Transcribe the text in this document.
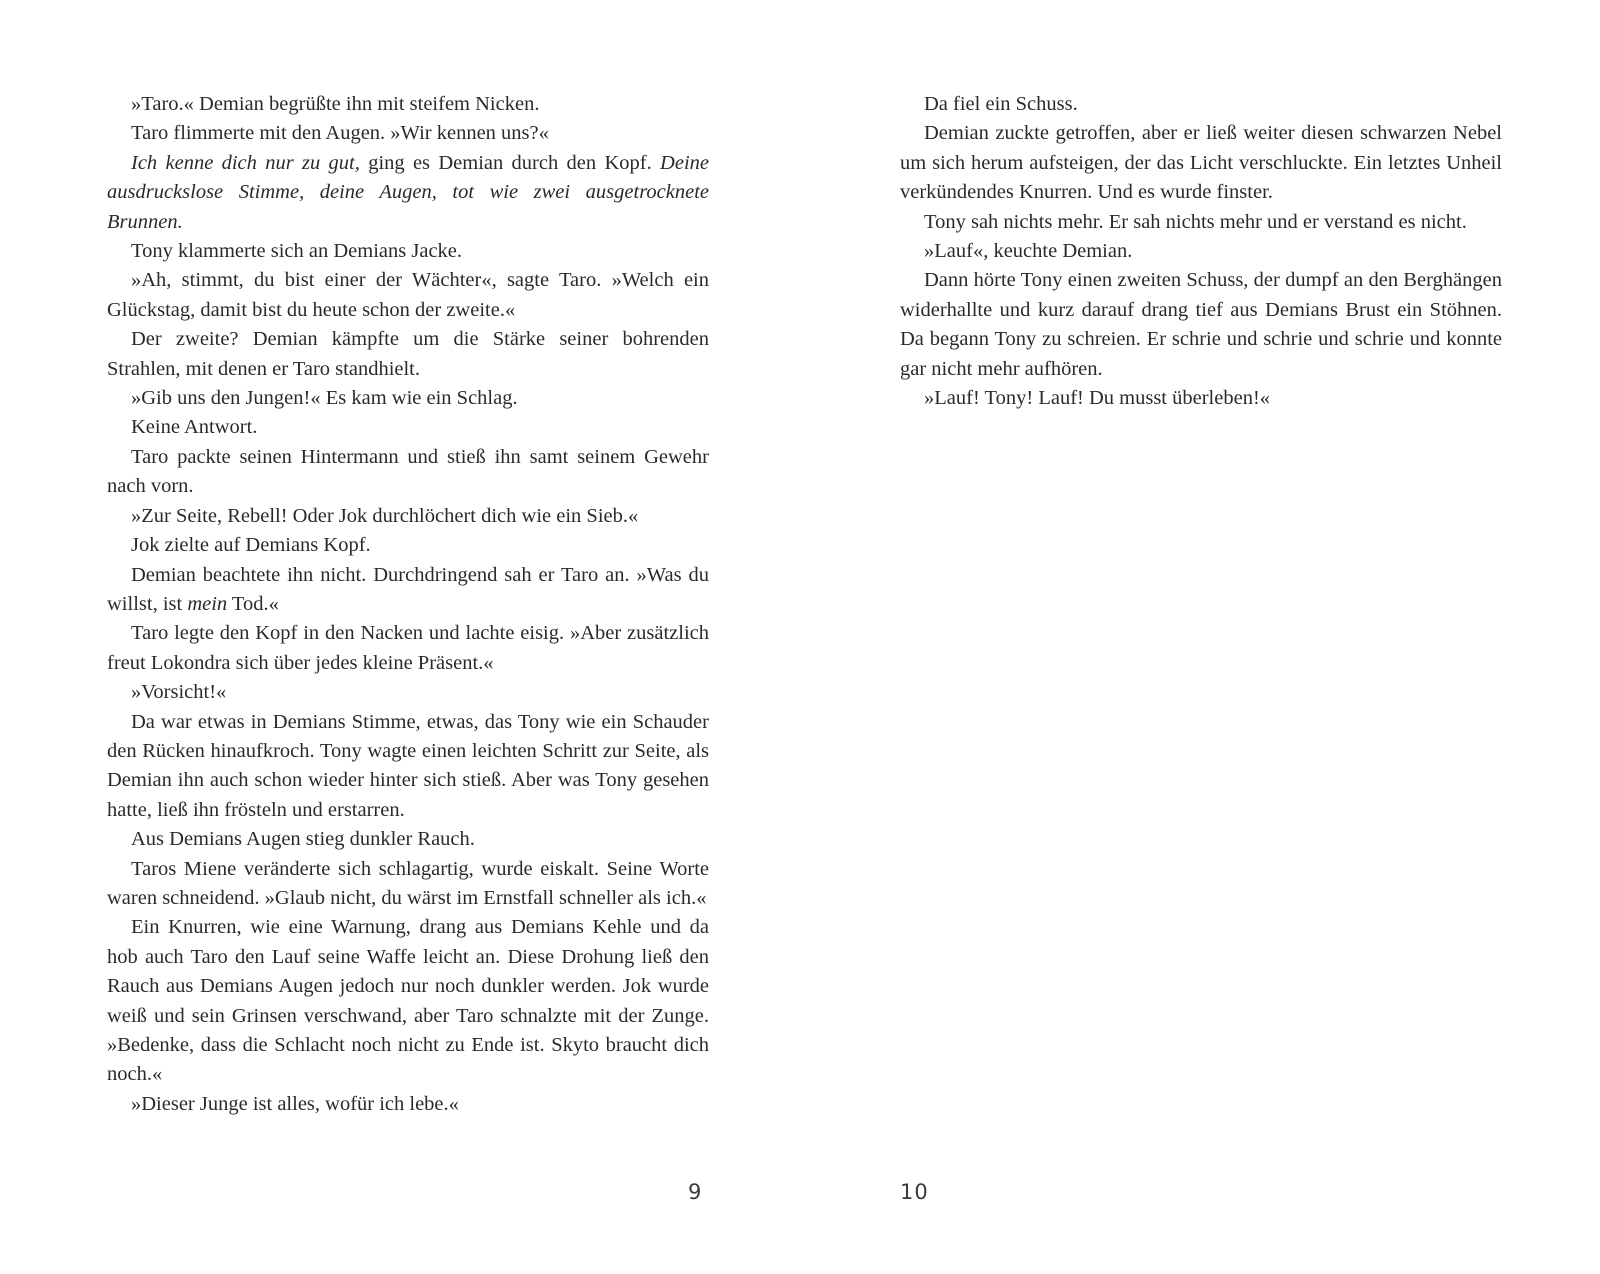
»Taro.« Demian begrüßte ihn mit steifem Nicken.

Taro flimmerte mit den Augen. »Wir kennen uns?«

Ich kenne dich nur zu gut, ging es Demian durch den Kopf. Deine ausdruckslose Stimme, deine Augen, tot wie zwei ausgetrocknete Brunnen.

Tony klammerte sich an Demians Jacke.

»Ah, stimmt, du bist einer der Wächter«, sagte Taro. »Welch ein Glückstag, damit bist du heute schon der zweite.«

Der zweite? Demian kämpfte um die Stärke seiner bohrenden Strahlen, mit denen er Taro standhielt.

»Gib uns den Jungen!« Es kam wie ein Schlag.

Keine Antwort.

Taro packte seinen Hintermann und stieß ihn samt seinem Gewehr nach vorn.

»Zur Seite, Rebell! Oder Jok durchlöchert dich wie ein Sieb.«

Jok zielte auf Demians Kopf.

Demian beachtete ihn nicht. Durchdringend sah er Taro an. »Was du willst, ist mein Tod.«

Taro legte den Kopf in den Nacken und lachte eisig. »Aber zusätzlich freut Lokondra sich über jedes kleine Präsent.«

»Vorsicht!«

Da war etwas in Demians Stimme, etwas, das Tony wie ein Schauder den Rücken hinaufkroch. Tony wagte einen leichten Schritt zur Seite, als Demian ihn auch schon wieder hinter sich stieß. Aber was Tony gesehen hatte, ließ ihn frösteln und erstarren.

Aus Demians Augen stieg dunkler Rauch.

Taros Miene veränderte sich schlagartig, wurde eiskalt. Seine Worte waren schneidend. »Glaub nicht, du wärst im Ernstfall schneller als ich.«

Ein Knurren, wie eine Warnung, drang aus Demians Kehle und da hob auch Taro den Lauf seine Waffe leicht an. Diese Drohung ließ den Rauch aus Demians Augen jedoch nur noch dunkler werden. Jok wurde weiß und sein Grinsen verschwand, aber Taro schnalzte mit der Zunge. »Bedenke, dass die Schlacht noch nicht zu Ende ist. Skyto braucht dich noch.«

»Dieser Junge ist alles, wofür ich lebe.«

9

Da fiel ein Schuss.

Demian zuckte getroffen, aber er ließ weiter diesen schwarzen Nebel um sich herum aufsteigen, der das Licht verschluckte. Ein letztes Unheil verkündendes Knurren. Und es wurde finster.

Tony sah nichts mehr. Er sah nichts mehr und er verstand es nicht.

»Lauf«, keuchte Demian.

Dann hörte Tony einen zweiten Schuss, der dumpf an den Berghängen widerhallte und kurz darauf drang tief aus Demians Brust ein Stöhnen. Da begann Tony zu schreien. Er schrie und schrie und schrie und konnte gar nicht mehr aufhören.

»Lauf! Tony! Lauf! Du musst überleben!«

10
